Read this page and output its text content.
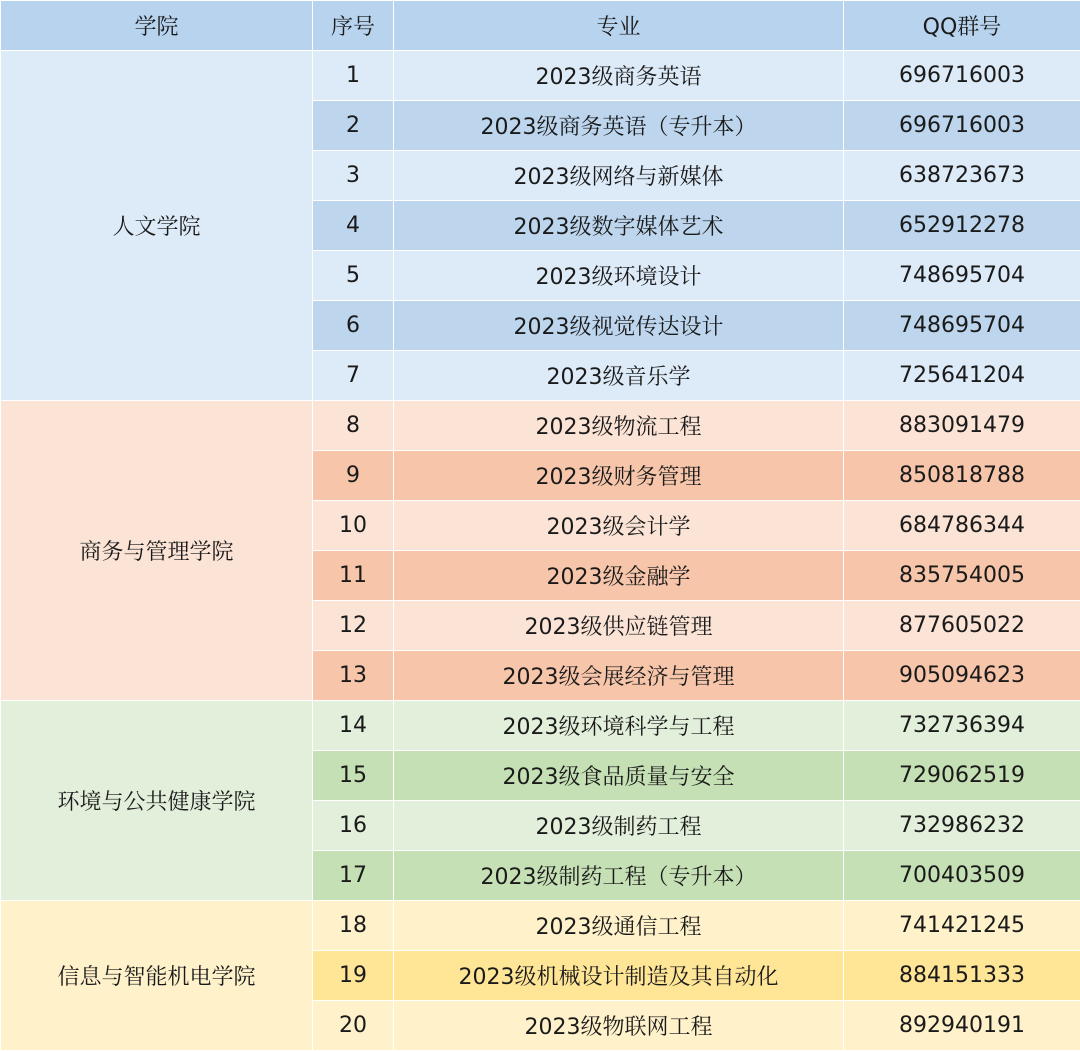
学院	序号	专业	QQ群号
人文学院	1	2023级商务英语	696716003
	2	2023级商务英语（专升本）	696716003
	3	2023级网络与新媒体	638723673
	4	2023级数字媒体艺术	652912278
	5	2023级环境设计	748695704
	6	2023级视觉传达设计	748695704
	7	2023级音乐学	725641204
商务与管理学院	8	2023级物流工程	883091479
	9	2023级财务管理	850818788
	10	2023级会计学	684786344
	11	2023级金融学	835754005
	12	2023级供应链管理	877605022
	13	2023级会展经济与管理	905094623
环境与公共健康学院	14	2023级环境科学与工程	732736394
	15	2023级食品质量与安全	729062519
	16	2023级制药工程	732986232
	17	2023级制药工程（专升本）	700403509
信息与智能机电学院	18	2023级通信工程	741421245
	19	2023级机械设计制造及其自动化	884151333
	20	2023级物联网工程	892940191
